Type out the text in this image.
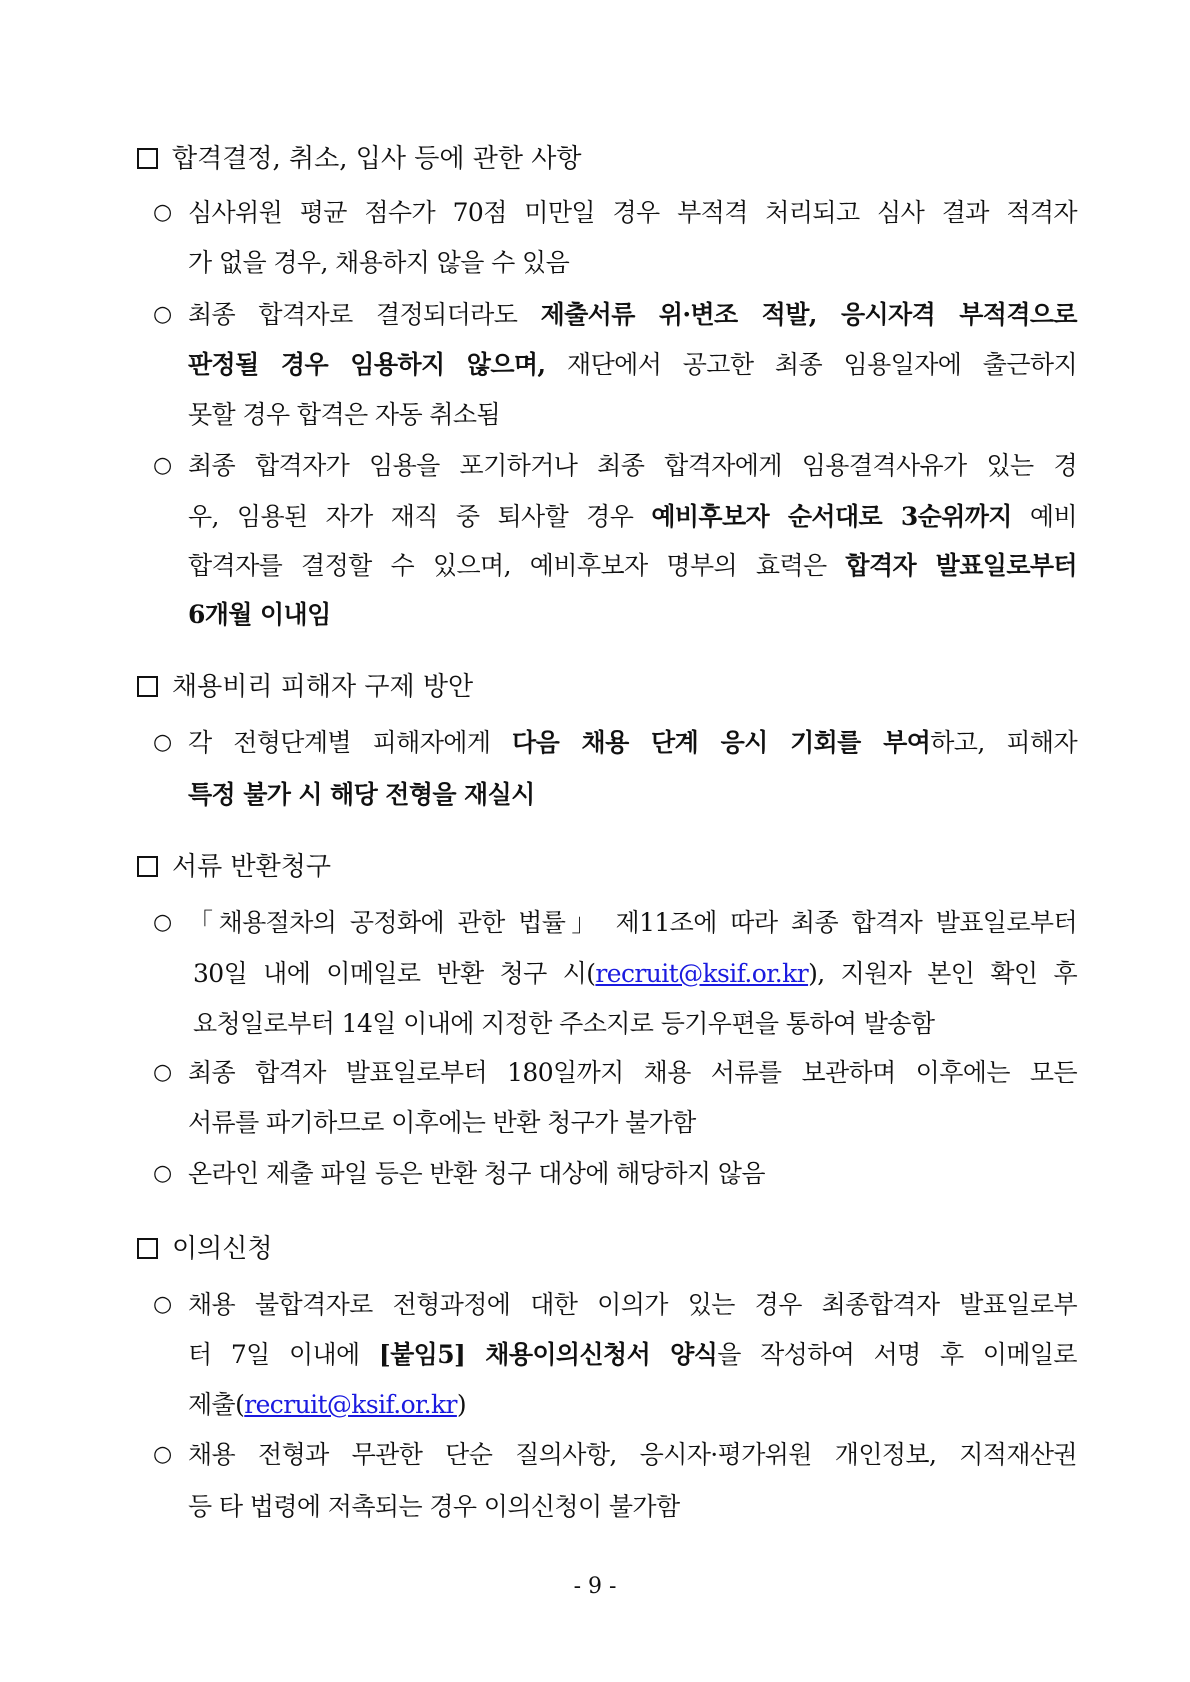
합격결정, 취소, 입사 등에 관한 사항
○ 심사위원 평균 점수가 70점 미만일 경우 부적격 처리되고 심사 결과 적격자
가 없을 경우, 채용하지 않을 수 있음
○ 최종 합격자로 결정되더라도 제출서류 위·변조 적발, 응시자격 부적격으로
판정될 경우 임용하지 않으며, 재단에서 공고한 최종 임용일자에 출근하지
못할 경우 합격은 자동 취소됨
○ 최종 합격자가 임용을 포기하거나 최종 합격자에게 임용결격사유가 있는 경
우, 임용된 자가 재직 중 퇴사할 경우 예비후보자 순서대로 3순위까지 예비
합격자를 결정할 수 있으며, 예비후보자 명부의 효력은 합격자 발표일로부터
6개월 이내임
채용비리 피해자 구제 방안
○ 각 전형단계별 피해자에게 다음 채용 단계 응시 기회를 부여하고, 피해자
특정 불가 시 해당 전형을 재실시
서류 반환청구
○ 「채용절차의 공정화에 관한 법률」 제11조에 따라 최종 합격자 발표일로부터
30일 내에 이메일로 반환 청구 시(recruit@ksif.or.kr), 지원자 본인 확인 후
요청일로부터 14일 이내에 지정한 주소지로 등기우편을 통하여 발송함
○ 최종 합격자 발표일로부터 180일까지 채용 서류를 보관하며 이후에는 모든
서류를 파기하므로 이후에는 반환 청구가 불가함
○ 온라인 제출 파일 등은 반환 청구 대상에 해당하지 않음
이의신청
○ 채용 불합격자로 전형과정에 대한 이의가 있는 경우 최종합격자 발표일로부
터 7일 이내에 [붙임5] 채용이의신청서 양식을 작성하여 서명 후 이메일로
제출(recruit@ksif.or.kr)
○ 채용 전형과 무관한 단순 질의사항, 응시자·평가위원 개인정보, 지적재산권
등 타 법령에 저촉되는 경우 이의신청이 불가함
- 9 -
